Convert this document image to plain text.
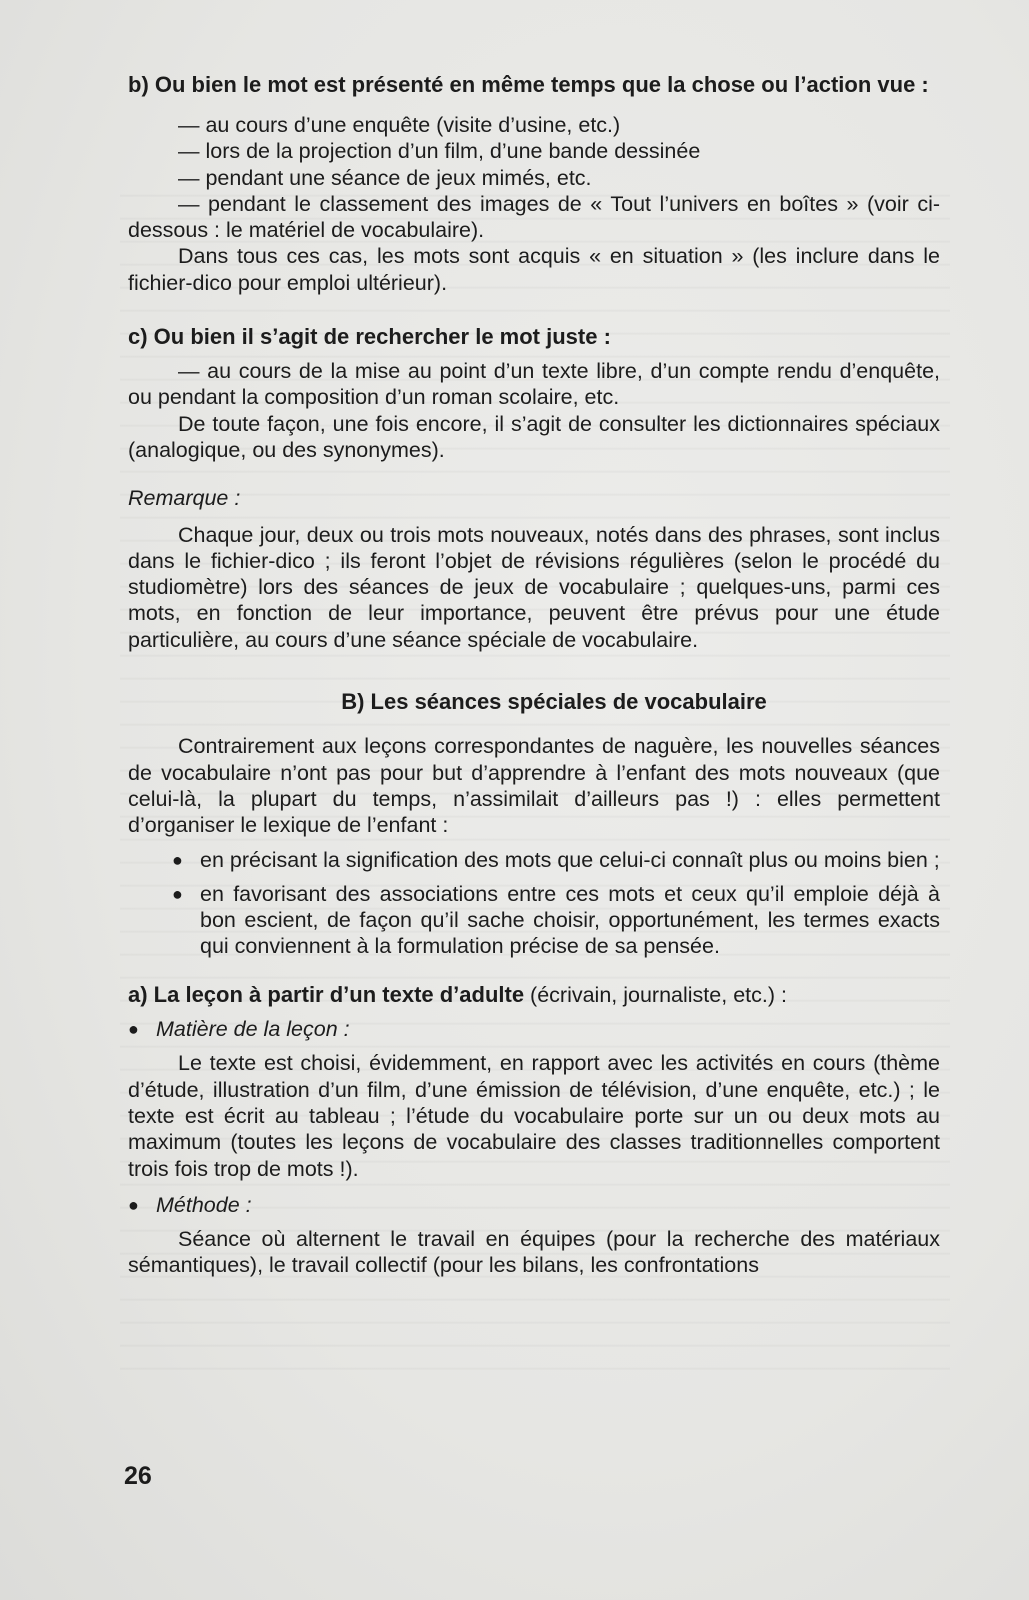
b) Ou bien le mot est présenté en même temps que la chose ou l’action vue :

— au cours d’une enquête (visite d’usine, etc.)

— lors de la projection d’un film, d’une bande dessinée

— pendant une séance de jeux mimés, etc.

— pendant le classement des images de « Tout l’univers en boîtes » (voir ci-dessous : le matériel de vocabulaire).

Dans tous ces cas, les mots sont acquis « en situation » (les inclure dans le fichier-dico pour emploi ultérieur).

c) Ou bien il s’agit de rechercher le mot juste :

— au cours de la mise au point d’un texte libre, d’un compte rendu d’enquête, ou pendant la composition d’un roman scolaire, etc.

De toute façon, une fois encore, il s’agit de consulter les dictionnaires spéciaux (analogique, ou des synonymes).

Remarque :

Chaque jour, deux ou trois mots nouveaux, notés dans des phrases, sont inclus dans le fichier-dico ; ils feront l’objet de révisions régulières (selon le procédé du studiomètre) lors des séances de jeux de vocabulaire ; quelques-uns, parmi ces mots, en fonction de leur importance, peuvent être prévus pour une étude particulière, au cours d’une séance spéciale de vocabulaire.

B) Les séances spéciales de vocabulaire

Contrairement aux leçons correspondantes de naguère, les nouvelles séances de vocabulaire n’ont pas pour but d’apprendre à l’enfant des mots nouveaux (que celui-là, la plupart du temps, n’assimilait d’ailleurs pas !) : elles permettent d’organiser le lexique de l’enfant :

● en précisant la signification des mots que celui-ci connaît plus ou moins bien ;
● en favorisant des associations entre ces mots et ceux qu’il emploie déjà à bon escient, de façon qu’il sache choisir, opportunément, les termes exacts qui conviennent à la formulation précise de sa pensée.

a) La leçon à partir d’un texte d’adulte (écrivain, journaliste, etc.) :

● Matière de la leçon :

Le texte est choisi, évidemment, en rapport avec les activités en cours (thème d’étude, illustration d’un film, d’une émission de télévision, d’une enquête, etc.) ; le texte est écrit au tableau ; l’étude du vocabulaire porte sur un ou deux mots au maximum (toutes les leçons de vocabulaire des classes traditionnelles comportent trois fois trop de mots !).

● Méthode :

Séance où alternent le travail en équipes (pour la recherche des matériaux sémantiques), le travail collectif (pour les bilans, les confrontations

26
